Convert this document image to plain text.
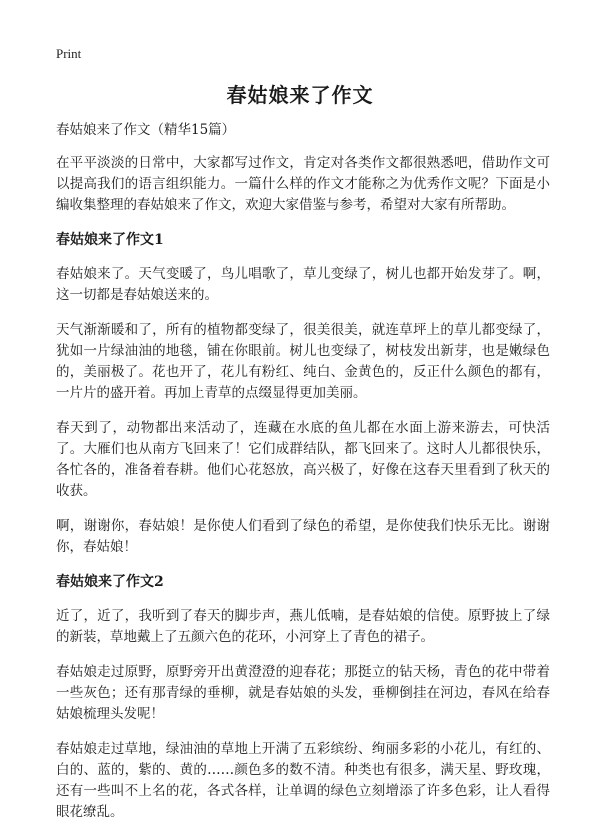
Print
春姑娘来了作文

春姑娘来了作文（精华15篇）

在平平淡淡的日常中，大家都写过作文，肯定对各类作文都很熟悉吧，借助作文可以提高我们的语言组织能力。一篇什么样的作文才能称之为优秀作文呢？下面是小编收集整理的春姑娘来了作文，欢迎大家借鉴与参考，希望对大家有所帮助。

春姑娘来了作文1

春姑娘来了。天气变暖了，鸟儿唱歌了，草儿变绿了，树儿也都开始发芽了。啊，这一切都是春姑娘送来的。

天气渐渐暖和了，所有的植物都变绿了，很美很美，就连草坪上的草儿都变绿了，犹如一片绿油油的地毯，铺在你眼前。树儿也变绿了，树枝发出新芽，也是嫩绿色的，美丽极了。花也开了，花儿有粉红、纯白、金黄色的，反正什么颜色的都有，一片片的盛开着。再加上青草的点缀显得更加美丽。

春天到了，动物都出来活动了，连藏在水底的鱼儿都在水面上游来游去，可快活了。大雁们也从南方飞回来了！它们成群结队，都飞回来了。这时人儿都很快乐，各忙各的，准备着春耕。他们心花怒放，高兴极了，好像在这春天里看到了秋天的收获。

啊，谢谢你，春姑娘！是你使人们看到了绿色的希望，是你使我们快乐无比。谢谢你，春姑娘！

春姑娘来了作文2

近了，近了，我听到了春天的脚步声，燕儿低喃，是春姑娘的信使。原野披上了绿的新装，草地戴上了五颜六色的花环，小河穿上了青色的裙子。

春姑娘走过原野，原野旁开出黄澄澄的迎春花；那挺立的钻天杨，青色的花中带着一些灰色；还有那青绿的垂柳，就是春姑娘的头发，垂柳倒挂在河边，春风在给春姑娘梳理头发呢！

春姑娘走过草地，绿油油的草地上开满了五彩缤纷、绚丽多彩的小花儿，有红的、白的、蓝的，紫的、黄的……颜色多的数不清。种类也有很多，满天星、野玫瑰，还有一些叫不上名的花，各式各样，让单调的绿色立刻增添了许多色彩，让人看得眼花缭乱。
